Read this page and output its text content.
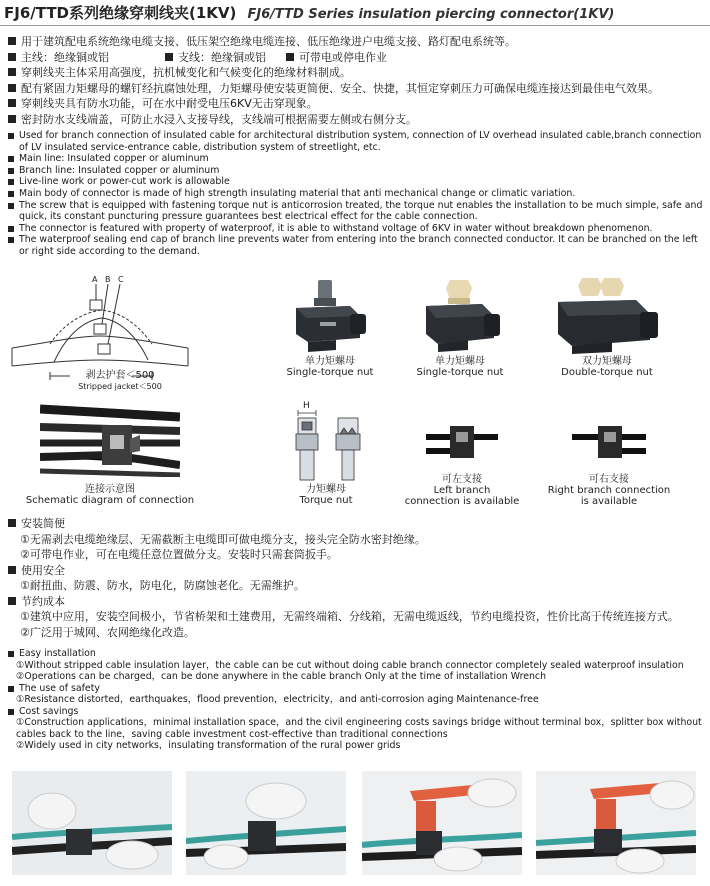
FJ6/TTD系列绝缘穿刺线夹(1KV) FJ6/TTD Series insulation piercing connector(1KV)
用于建筑配电系统绝缘电缆支接、低压架空绝缘电缆连接、低压绝缘进户电缆支接、路灯配电系统等。
主线：绝缘铜或铝	支线：绝缘铜或铝	可带电或停电作业
穿刺线夹主体采用高强度，抗机械变化和气候变化的绝缘材料制成。
配有紧固力矩螺母的螺钉经抗腐蚀处理，力矩螺母使安装更简便、安全、快捷，其恒定穿刺压力可确保电缆连接达到最佳电气效果。
穿刺线夹具有防水功能，可在水中耐受电压6KV无击穿现象。
密封防水支线端盖，可防止水浸入支接导线，支线端可根据需要左侧或右侧分支。
Used for branch connection of insulated cable for architectural distribution system, connection of LV overhead insulated cable,branch connection of LV insulated service-entrance cable, distribution system of streetlight, etc.
Main line: Insulated copper or aluminum
Branch line: Insulated copper or aluminum
Live-line work or power-cut work is allowable
Main body of connector is made of high strength insulating material that anti mechanical change or climatic variation.
The screw that is equipped with fastening torque nut is anticorrosion treated, the torque nut enables the installation to be much simple, safe and quick, its constant puncturing pressure guarantees best electrical effect for the cable connection.
The connector is featured with property of waterproof, it is able to withstand voltage of 6KV in water without breakdown phenomenon.
The waterproof sealing end cap of branch line prevents water from entering into the branch connected conductor. It can be branched on the left or right side according to the demand.
A B C
剥去护套＜500
Stripped jacket＜500
单力矩螺母
Single-torque nut
单力矩螺母
Single-torque nut
双力矩螺母
Double-torque nut
连接示意图
Schematic diagram of connection
H
力矩螺母
Torque nut
可左支接
Left branch
connection is available
可右支接
Right branch connection
is available
安装简便
①无需剥去电缆绝缘层、无需截断主电缆即可做电缆分支，接头完全防水密封绝缘。
②可带电作业，可在电缆任意位置做分支。安装时只需套筒扳手。
使用安全
①耐扭曲、防震、防水，防电化，防腐蚀老化。无需维护。
节约成本
①建筑中应用，安装空间极小，节省桥架和土建费用，无需终端箱、分线箱，无需电缆返线，节约电缆投资，性价比高于传统连接方式。
②广泛用于城网、农网绝缘化改造。
Easy installation
①Without stripped cable insulation layer，the cable can be cut without doing cable branch connector completely sealed waterproof insulation
②Operations can be charged，can be done anywhere in the cable branch Only at the time of installation Wrench
The use of safety
①Resistance distorted，earthquakes，flood prevention，electricity，and anti-corrosion aging Maintenance-free
Cost savings
①Construction applications，minimal installation space，and the civil engineering costs savings bridge without terminal box，splitter box without cables back to the line，saving cable investment cost-effective than traditional connections
②Widely used in city networks，insulating transformation of the rural power grids
